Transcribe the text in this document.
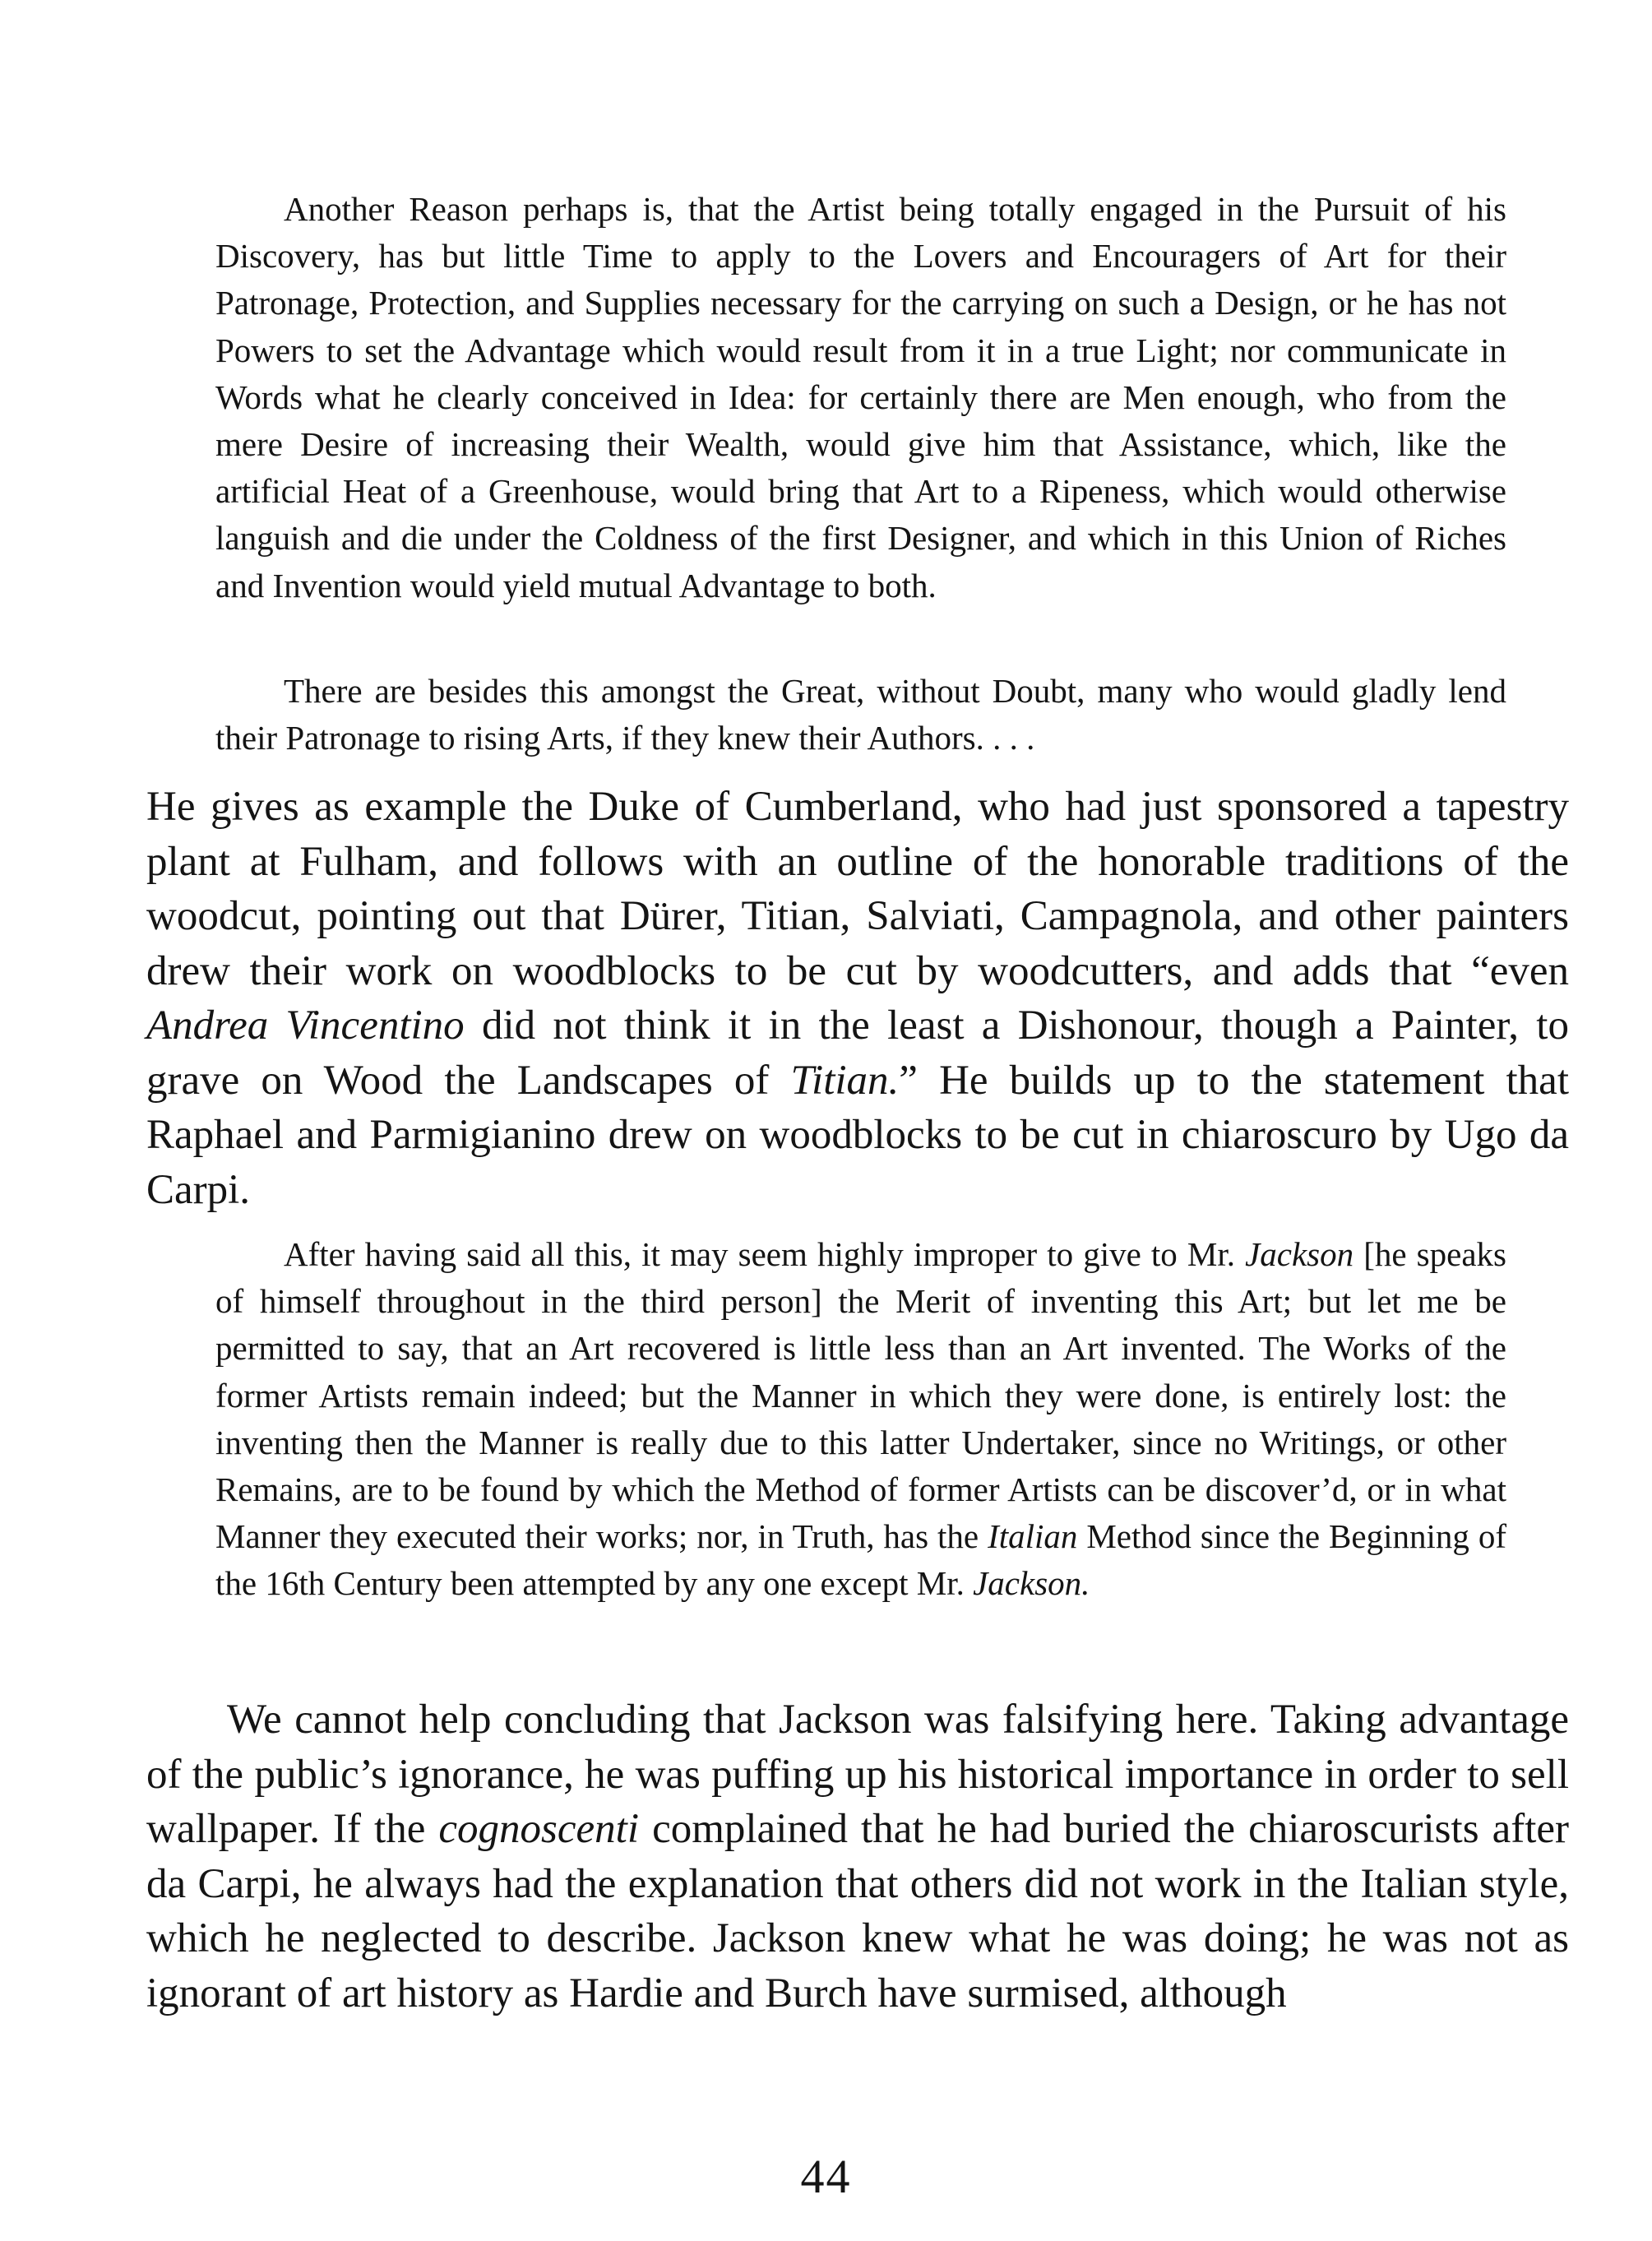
Another Reason perhaps is, that the Artist being totally engaged in the Pursuit of his Discovery, has but little Time to apply to the Lovers and Encouragers of Art for their Patronage, Protection, and Supplies necessary for the carrying on such a Design, or he has not Powers to set the Advantage which would result from it in a true Light; nor communicate in Words what he clearly conceived in Idea: for certainly there are Men enough, who from the mere Desire of increasing their Wealth, would give him that Assistance, which, like the artificial Heat of a Greenhouse, would bring that Art to a Ripeness, which would otherwise languish and die under the Coldness of the first Designer, and which in this Union of Riches and Invention would yield mutual Advantage to both.

There are besides this amongst the Great, without Doubt, many who would gladly lend their Patronage to rising Arts, if they knew their Authors. . . .

He gives as example the Duke of Cumberland, who had just sponsored a tapestry plant at Fulham, and follows with an outline of the honorable traditions of the woodcut, pointing out that Dürer, Titian, Salviati, Campagnola, and other painters drew their work on woodblocks to be cut by woodcutters, and adds that “even Andrea Vincentino did not think it in the least a Dishonour, though a Painter, to grave on Wood the Landscapes of Titian.” He builds up to the statement that Raphael and Parmigianino drew on woodblocks to be cut in chiaroscuro by Ugo da Carpi.

After having said all this, it may seem highly improper to give to Mr. Jackson [he speaks of himself throughout in the third person] the Merit of inventing this Art; but let me be permitted to say, that an Art recovered is little less than an Art invented. The Works of the former Artists remain indeed; but the Manner in which they were done, is entirely lost: the inventing then the Manner is really due to this latter Undertaker, since no Writings, or other Remains, are to be found by which the Method of former Artists can be discover’d, or in what Manner they executed their works; nor, in Truth, has the Italian Method since the Beginning of the 16th Century been attempted by any one except Mr. Jackson.

We cannot help concluding that Jackson was falsifying here. Taking advantage of the public’s ignorance, he was puffing up his historical importance in order to sell wallpaper. If the cognoscenti complained that he had buried the chiaroscurists after da Carpi, he always had the explanation that others did not work in the Italian style, which he neglected to describe. Jackson knew what he was doing; he was not as ignorant of art history as Hardie and Burch have surmised, although

44
